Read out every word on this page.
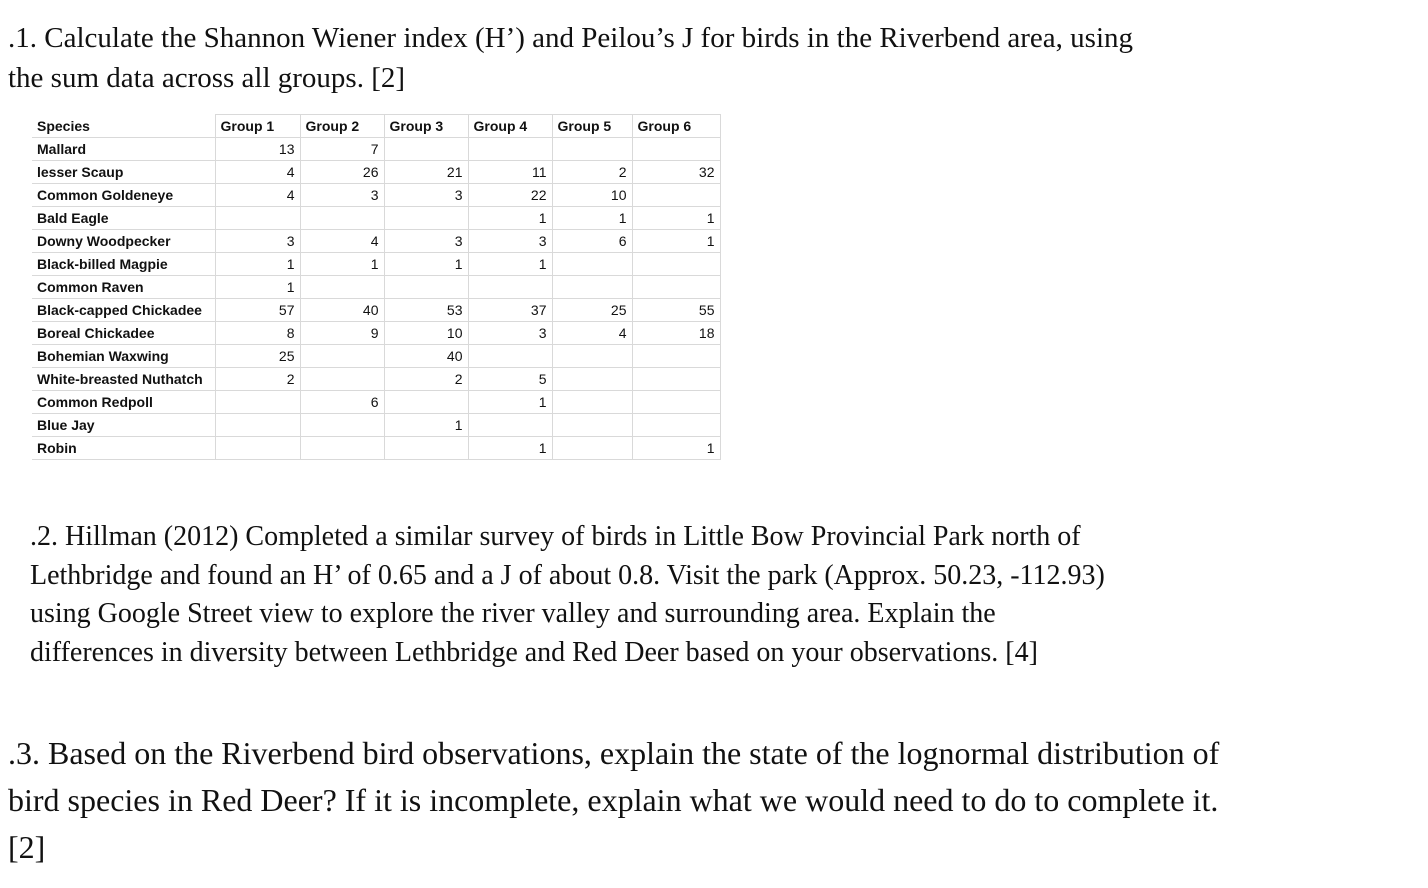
.1. Calculate the Shannon Wiener index (H’) and Peilou’s J for birds in the Riverbend area, using
the sum data across all groups. [2]

Species	Group 1	Group 2	Group 3	Group 4	Group 5	Group 6
Mallard	13	7				
lesser Scaup	4	26	21	11	2	32
Common Goldeneye	4	3	3	22	10	
Bald Eagle				1	1	1
Downy Woodpecker	3	4	3	3	6	1
Black-billed Magpie	1	1	1	1		
Common Raven	1					
Black-capped Chickadee	57	40	53	37	25	55
Boreal Chickadee	8	9	10	3	4	18
Bohemian Waxwing	25		40			
White-breasted Nuthatch	2		2	5		
Common Redpoll		6		1		
Blue Jay			1			
Robin				1		1

.2. Hillman (2012) Completed a similar survey of birds in Little Bow Provincial Park north of
Lethbridge and found an H’ of 0.65 and a J of about 0.8. Visit the park (Approx. 50.23, -112.93)
using Google Street view to explore the river valley and surrounding area. Explain the
differences in diversity between Lethbridge and Red Deer based on your observations. [4]

.3. Based on the Riverbend bird observations, explain the state of the lognormal distribution of
bird species in Red Deer? If it is incomplete, explain what we would need to do to complete it.
[2]
